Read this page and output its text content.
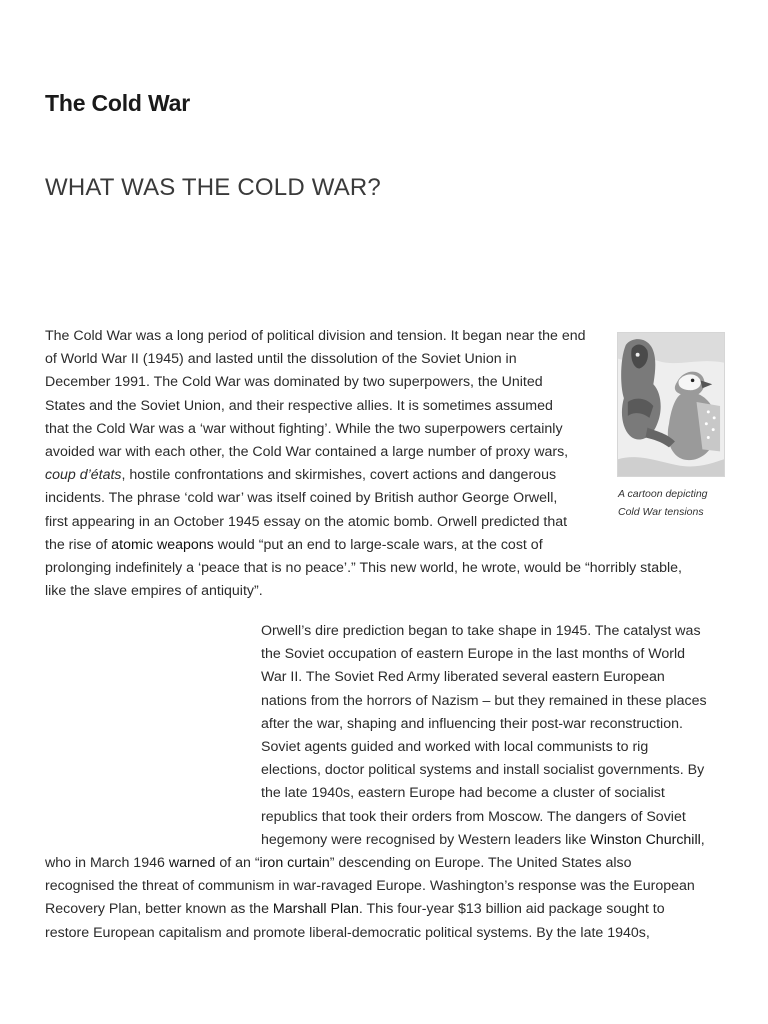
The Cold War
WHAT WAS THE COLD WAR?
A cartoon depicting
Cold War tensions

The Cold War was a long period of political division and tension. It began near the end
of World War II (1945) and lasted until the dissolution of the Soviet Union in
December 1991. The Cold War was dominated by two superpowers, the United
States and the Soviet Union, and their respective allies. It is sometimes assumed
that the Cold War was a ‘war without fighting’. While the two superpowers certainly
avoided war with each other, the Cold War contained a large number of proxy wars,
coup d’états, hostile confrontations and skirmishes, covert actions and dangerous
incidents. The phrase ‘cold war’ was itself coined by British author George Orwell,
first appearing in an October 1945 essay on the atomic bomb. Orwell predicted that
the rise of atomic weapons would “put an end to large-scale wars, at the cost of
prolonging indefinitely a ‘peace that is no peace’.” This new world, he wrote, would be “horribly stable,
like the slave empires of antiquity”.

Orwell’s dire prediction began to take shape in 1945. The catalyst was
the Soviet occupation of eastern Europe in the last months of World
War II. The Soviet Red Army liberated several eastern European
nations from the horrors of Nazism – but they remained in these places
after the war, shaping and influencing their post-war reconstruction.
Soviet agents guided and worked with local communists to rig
elections, doctor political systems and install socialist governments. By
the late 1940s, eastern Europe had become a cluster of socialist
republics that took their orders from Moscow. The dangers of Soviet
hegemony were recognised by Western leaders like Winston Churchill,

who in March 1946 warned of an “iron curtain” descending on Europe. The United States also
recognised the threat of communism in war-ravaged Europe. Washington’s response was the European
Recovery Plan, better known as the Marshall Plan. This four-year $13 billion aid package sought to
restore European capitalism and promote liberal-democratic political systems. By the late 1940s,
